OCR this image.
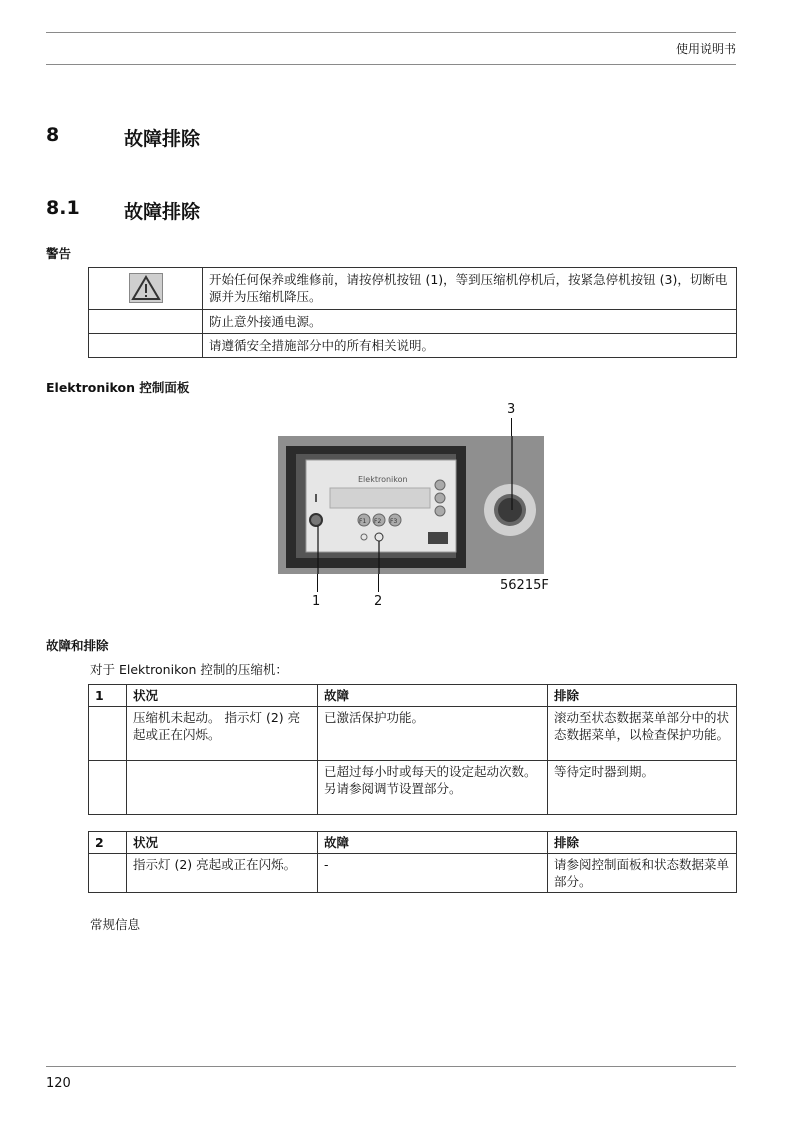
使用说明书
8	故障排除
8.1 故障排除
警告
	开始任何保养或维修前，请按停机按钮 (1)，等到压缩机停机后，按紧急停机按钮 (3)，切断电源并为压缩机降压。
	防止意外接通电源。
	请遵循安全措施部分中的所有相关说明。
Elektronikon 控制面板
3
Elektronikon
F1 F2 F3
1	2
56215F
故障和排除
对于 Elektronikon 控制的压缩机：
1	状况	故障	排除
	压缩机未起动。 指示灯 (2) 亮起或正在闪烁。	已激活保护功能。	滚动至状态数据菜单部分中的状态数据菜单，以检查保护功能。
		已超过每小时或每天的设定起动次数。另请参阅调节设置部分。	等待定时器到期。
2	状况	故障	排除
	指示灯 (2) 亮起或正在闪烁。	-	请参阅控制面板和状态数据菜单部分。
常规信息
120
